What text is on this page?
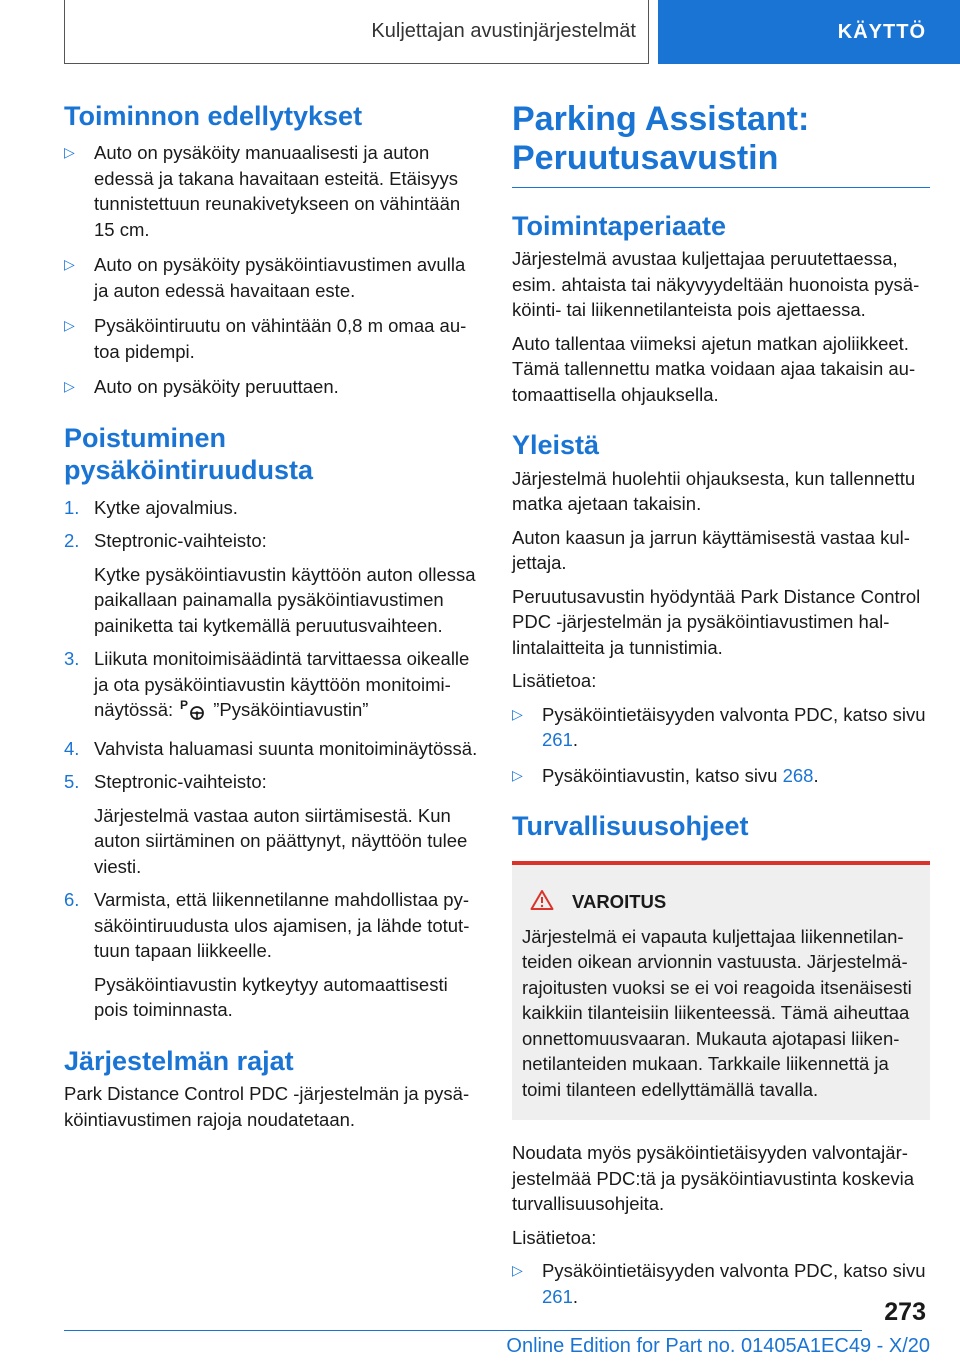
Kuljettajan avustinjärjestelmät	KÄYTTÖ
Toiminnon edellytykset
▷ Auto on pysäköity manuaalisesti ja auton edessä ja takana havaitaan esteitä. Etäisyys tunnistettuun reunakivetykseen on vähintään 15 cm.
▷ Auto on pysäköity pysäköintiavustimen avulla ja auton edessä havaitaan este.
▷ Pysäköintiruutu on vähintään 0,8 m omaa autoa pidempi.
▷ Auto on pysäköity peruuttaen.
Poistuminen pysäköintiruudusta
1. Kytke ajovalmius.
2. Steptronic-vaihteisto:
Kytke pysäköintiavustin käyttöön auton ollessa paikallaan painamalla pysäköintiavustimen painiketta tai kytkemällä peruutusvaihteen.
3. Liikuta monitoimisäädintä tarvittaessa oikealle ja ota pysäköintiavustin käyttöön monitoiminäytössä: P ”Pysäköintiavustin”
4. Vahvista haluamasi suunta monitoiminäytössä.
5. Steptronic-vaihteisto:
Järjestelmä vastaa auton siirtämisestä. Kun auton siirtäminen on päättynyt, näyttöön tulee viesti.
6. Varmista, että liikennetilanne mahdollistaa pysäköintiruudusta ulos ajamisen, ja lähde totuttuun tapaan liikkeelle.
Pysäköintiavustin kytkeytyy automaattisesti pois toiminnasta.
Järjestelmän rajat

Park Distance Control PDC -järjestelmän ja pysäköintiavustimen rajoja noudatetaan.

Parking Assistant: Peruutusavustin
Toimintaperiaate

Järjestelmä avustaa kuljettajaa peruutettaessa, esim. ahtaista tai näkyvyydeltään huonoista pysäköinti- tai liikennetilanteista pois ajettaessa.

Auto tallentaa viimeksi ajetun matkan ajoliikkeet. Tämä tallennettu matka voidaan ajaa takaisin automaattisella ohjauksella.

Yleistä

Järjestelmä huolehtii ohjauksesta, kun tallennettu matka ajetaan takaisin.

Auton kaasun ja jarrun käyttämisestä vastaa kuljettaja.

Peruutusavustin hyödyntää Park Distance Control PDC -järjestelmän ja pysäköintiavustimen hallintalaitteita ja tunnistimia.

Lisätietoa:

▷ Pysäköintietäisyyden valvonta PDC, katso sivu 261.
▷ Pysäköintiavustin, katso sivu 268.
Turvallisuusohjeet
VAROITUS

Järjestelmä ei vapauta kuljettajaa liikennetilanteiden oikean arvionnin vastuusta. Järjestelmärajoitusten vuoksi se ei voi reagoida itsenäisesti kaikkiin tilanteisiin liikenteessä. Tämä aiheuttaa onnettomuusvaaran. Mukauta ajotapasi liikennetilanteiden mukaan. Tarkkaile liikennettä ja toimi tilanteen edellyttämällä tavalla.

Noudata myös pysäköintietäisyyden valvontajärjestelmää PDC:tä ja pysäköintiavustinta koskevia turvallisuusohjeita.

Lisätietoa:

▷ Pysäköintietäisyyden valvonta PDC, katso sivu 261.
273
Online Edition for Part no. 01405A1EC49 - X/20
